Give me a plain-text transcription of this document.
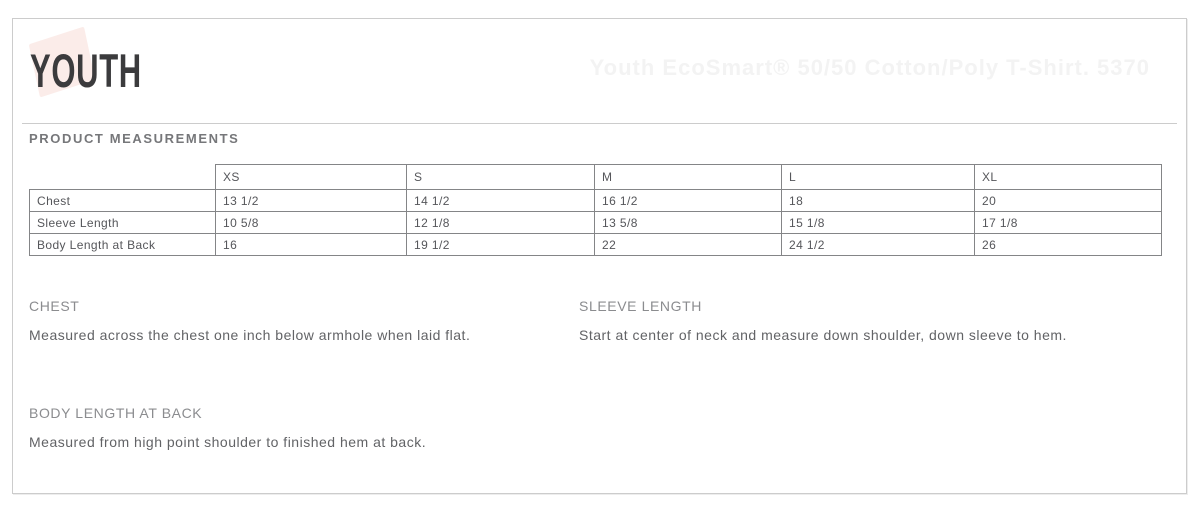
YOUTH	Youth EcoSmart® 50/50 Cotton/Poly T-Shirt. 5370
PRODUCT MEASUREMENTS
	XS	S	M	L	XL
Chest	13 1/2	14 1/2	16 1/2	18	20
Sleeve Length	10 5/8	12 1/8	13 5/8	15 1/8	17 1/8
Body Length at Back	16	19 1/2	22	24 1/2	26
CHEST
Measured across the chest one inch below armhole when laid flat.
SLEEVE LENGTH
Start at center of neck and measure down shoulder, down sleeve to hem.
BODY LENGTH AT BACK
Measured from high point shoulder to finished hem at back.
